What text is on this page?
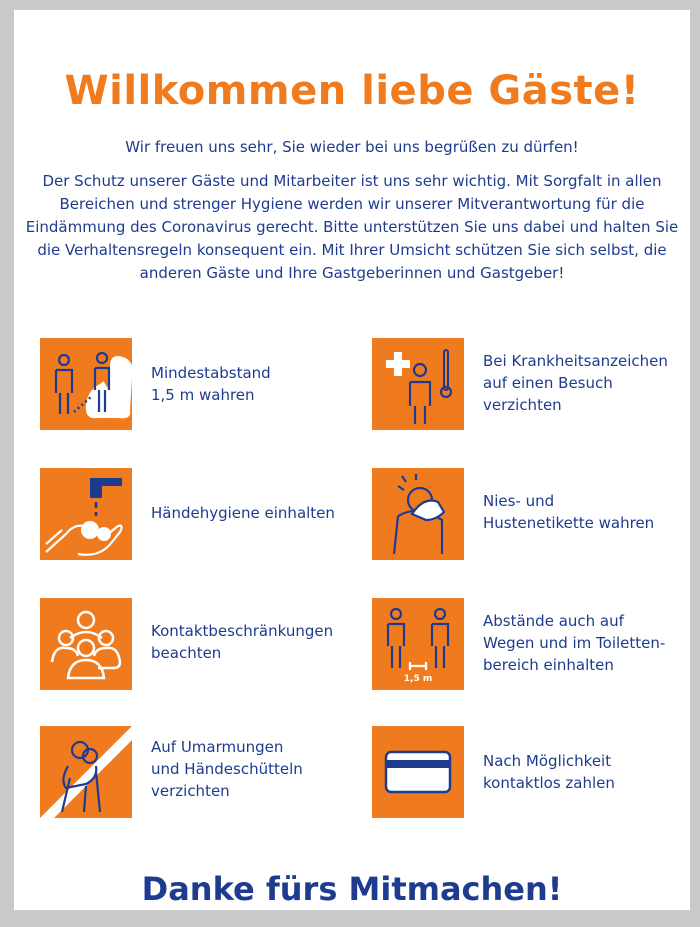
Willkommen liebe Gäste!
Wir freuen uns sehr, Sie wieder bei uns begrüßen zu dürfen!
Der Schutz unserer Gäste und Mitarbeiter ist uns sehr wichtig. Mit Sorgfalt in allen Bereichen und strenger Hygiene werden wir unserer Mitverantwortung für die Eindämmung des Coronavirus gerecht. Bitte unterstützen Sie uns dabei und halten Sie die Verhaltensregeln konsequent ein. Mit Ihrer Umsicht schützen Sie sich selbst, die anderen Gäste und Ihre Gastgeberinnen und Gastgeber!
Mindestabstand
1,5 m wahren
Bei Krankheitsanzeichen
auf einen Besuch
verzichten
Händehygiene einhalten
Nies- und
Hustenetikette wahren
Kontaktbeschränkungen
beachten
1,5 m
Abstände auch auf
Wegen und im Toiletten-
bereich einhalten
Auf Umarmungen
und Händeschütteln
verzichten
Nach Möglichkeit
kontaktlos zahlen
Danke fürs Mitmachen!
